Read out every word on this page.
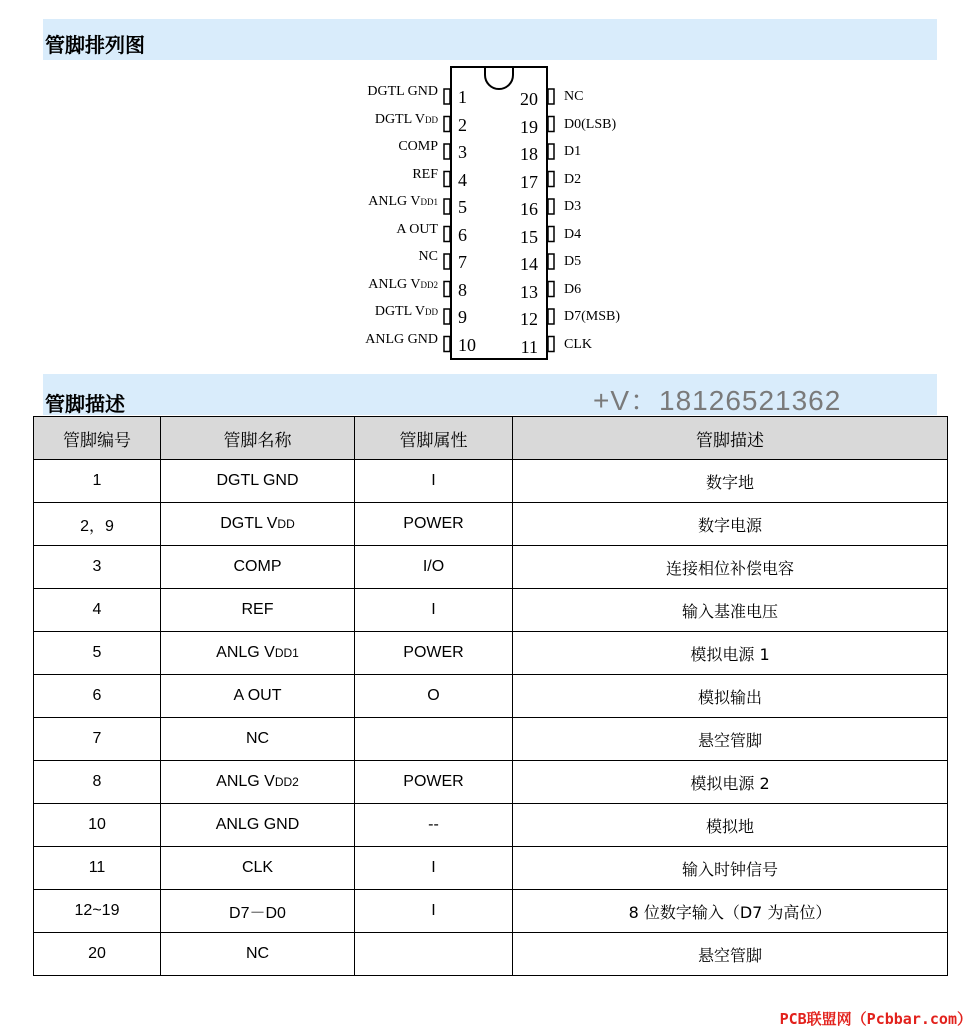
管脚排列图
DGTL GND 1
DGTL VDD 2
COMP 3
REF 4
ANLG VDD1 5
A OUT 6
NC 7
ANLG VDD2 8
DGTL VDD 9
ANLG GND 10
NC
20
D0(LSB)
19
D1
18
D2
17
D3
16
D4
15
D5
14
D6
13
D7(MSB)
12
CLK
11
管脚描述	+V：18126521362
管脚编号	管脚名称	管脚属性	管脚描述
1	DGTL GND	I	数字地
2，9	DGTL VDD	POWER	数字电源
3	COMP	I/O	连接相位补偿电容
4	REF	I	输入基准电压
5	ANLG VDD1	POWER	模拟电源 1
6	A OUT	O	模拟输出
7	NC		悬空管脚
8	ANLG VDD2	POWER	模拟电源 2
10	ANLG GND	--	模拟地
11	CLK	I	输入时钟信号
12~19	D7－D0	I	8 位数字输入（D7 为高位）
20	NC		悬空管脚
PCB联盟网（Pcbbar.com）
